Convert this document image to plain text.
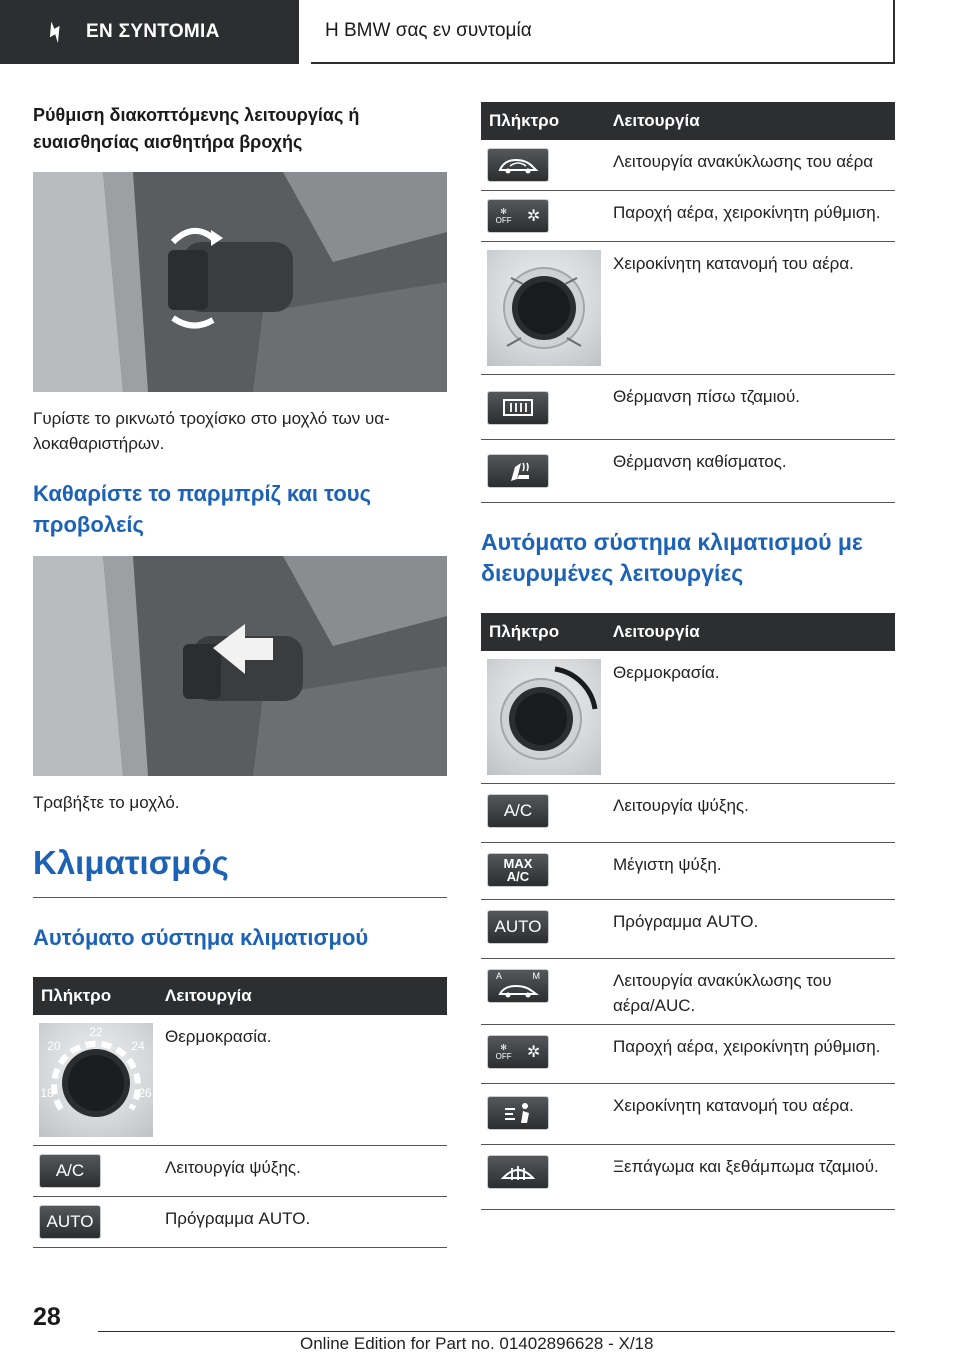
ΕΝ ΣΥΝΤΟΜΙΑ	Η BMW σας εν συντομία

Ρύθμιση διακοπτόμενης λειτουργίας ή ευαισθησίας αισθητήρα βροχής

Γυρίστε το ρικνωτό τροχίσκο στο μοχλό των υαλοκαθαριστήρων.

Καθαρίστε το παρμπρίζ και τους προβολείς

Τραβήξτε το μοχλό.
Κλιματισμός

Αυτόματο σύστημα κλιματισμού

Πλήκτρο	Λειτουργία

22
20 24
18 26	Θερμοκρασία.

A/C	Λειτουργία ψύξης.

AUTO	Πρόγραμμα AUTO.
Πλήκτρο	Λειτουργία

	Λειτουργία ανακύκλωσης του αέρα

✻
OFF ✲	Παροχή αέρα, χειροκίνητη ρύθμιση.

	Χειροκίνητη κατανομή του αέρα.

	Θέρμανση πίσω τζαμιού.

	Θέρμανση καθίσματος.

Αυτόματο σύστημα κλιματισμού με διευρυμένες λειτουργίες

Πλήκτρο	Λειτουργία

	Θερμοκρασία.

A/C	Λειτουργία ψύξης.

MAX
A/C	Μέγιστη ψύξη.

AUTO	Πρόγραμμα AUTO.

A M	Λειτουργία ανακύκλωσης του αέρα/AUC.

✻
OFF ✲	Παροχή αέρα, χειροκίνητη ρύθμιση.

	Χειροκίνητη κατανομή του αέρα.

	Ξεπάγωμα και ξεθάμπωμα τζαμιού.
28
Online Edition for Part no. 01402896628 - X/18
